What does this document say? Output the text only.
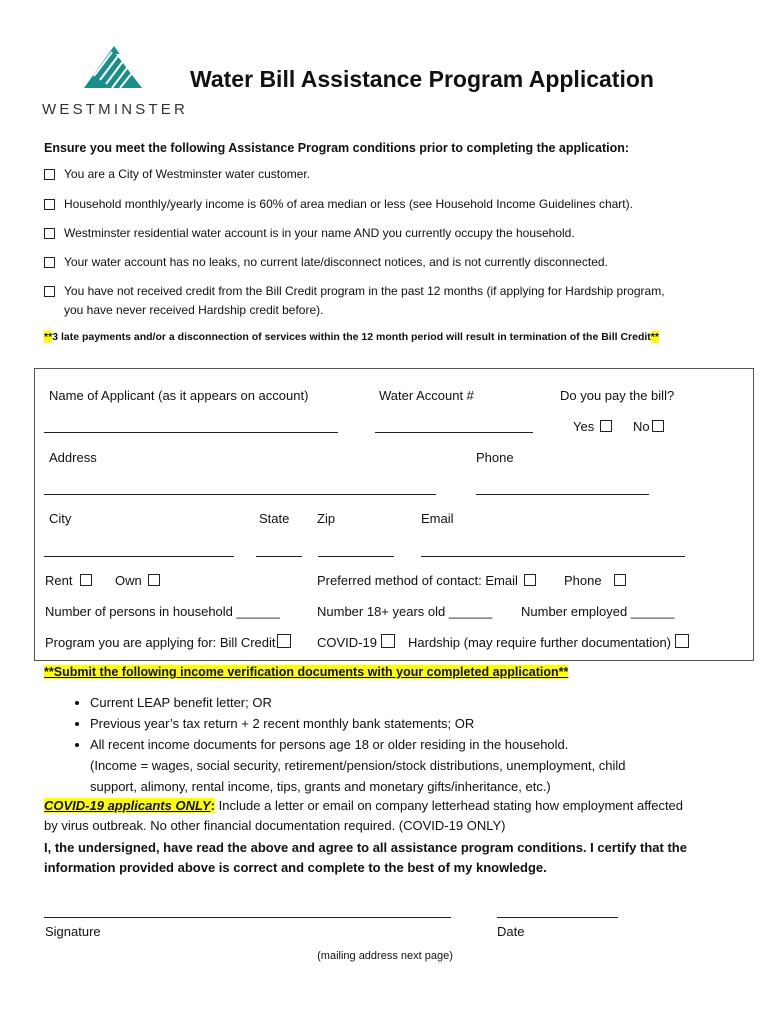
WESTMINSTER
Water Bill Assistance Program Application
Ensure you meet the following Assistance Program conditions prior to completing the application:
You are a City of Westminster water customer.
Household monthly/yearly income is 60% of area median or less (see Household Income Guidelines chart).
Westminster residential water account is in your name AND you currently occupy the household.
Your water account has no leaks, no current late/disconnect notices, and is not currently disconnected.
You have not received credit from the Bill Credit program in the past 12 months (if applying for Hardship program,
you have never received Hardship credit before).
**3 late payments and/or a disconnection of services within the 12 month period will result in termination of the Bill Credit**
Name of Applicant (as it appears on account)	Water Account #	Do you pay the bill?
Yes	No
Address	Phone
City	State Zip	Email
Rent	Own	Preferred method of contact: Email	Phone
Number of persons in household ______	Number 18+ years old ______ Number employed ______
Program you are applying for: Bill Credit	COVID-19	Hardship (may require further documentation)
**Submit the following income verification documents with your completed application**
• Current LEAP benefit letter; OR
• Previous year’s tax return + 2 recent monthly bank statements; OR
• All recent income documents for persons age 18 or older residing in the household.
(Income = wages, social security, retirement/pension/stock distributions, unemployment, child
support, alimony, rental income, tips, grants and monetary gifts/inheritance, etc.)
COVID-19 applicants ONLY: Include a letter or email on company letterhead stating how employment affected
by virus outbreak. No other financial documentation required. (COVID-19 ONLY)
I, the undersigned, have read the above and agree to all assistance program conditions. I certify that the
information provided above is correct and complete to the best of my knowledge.
Signature	Date
(mailing address next page)
